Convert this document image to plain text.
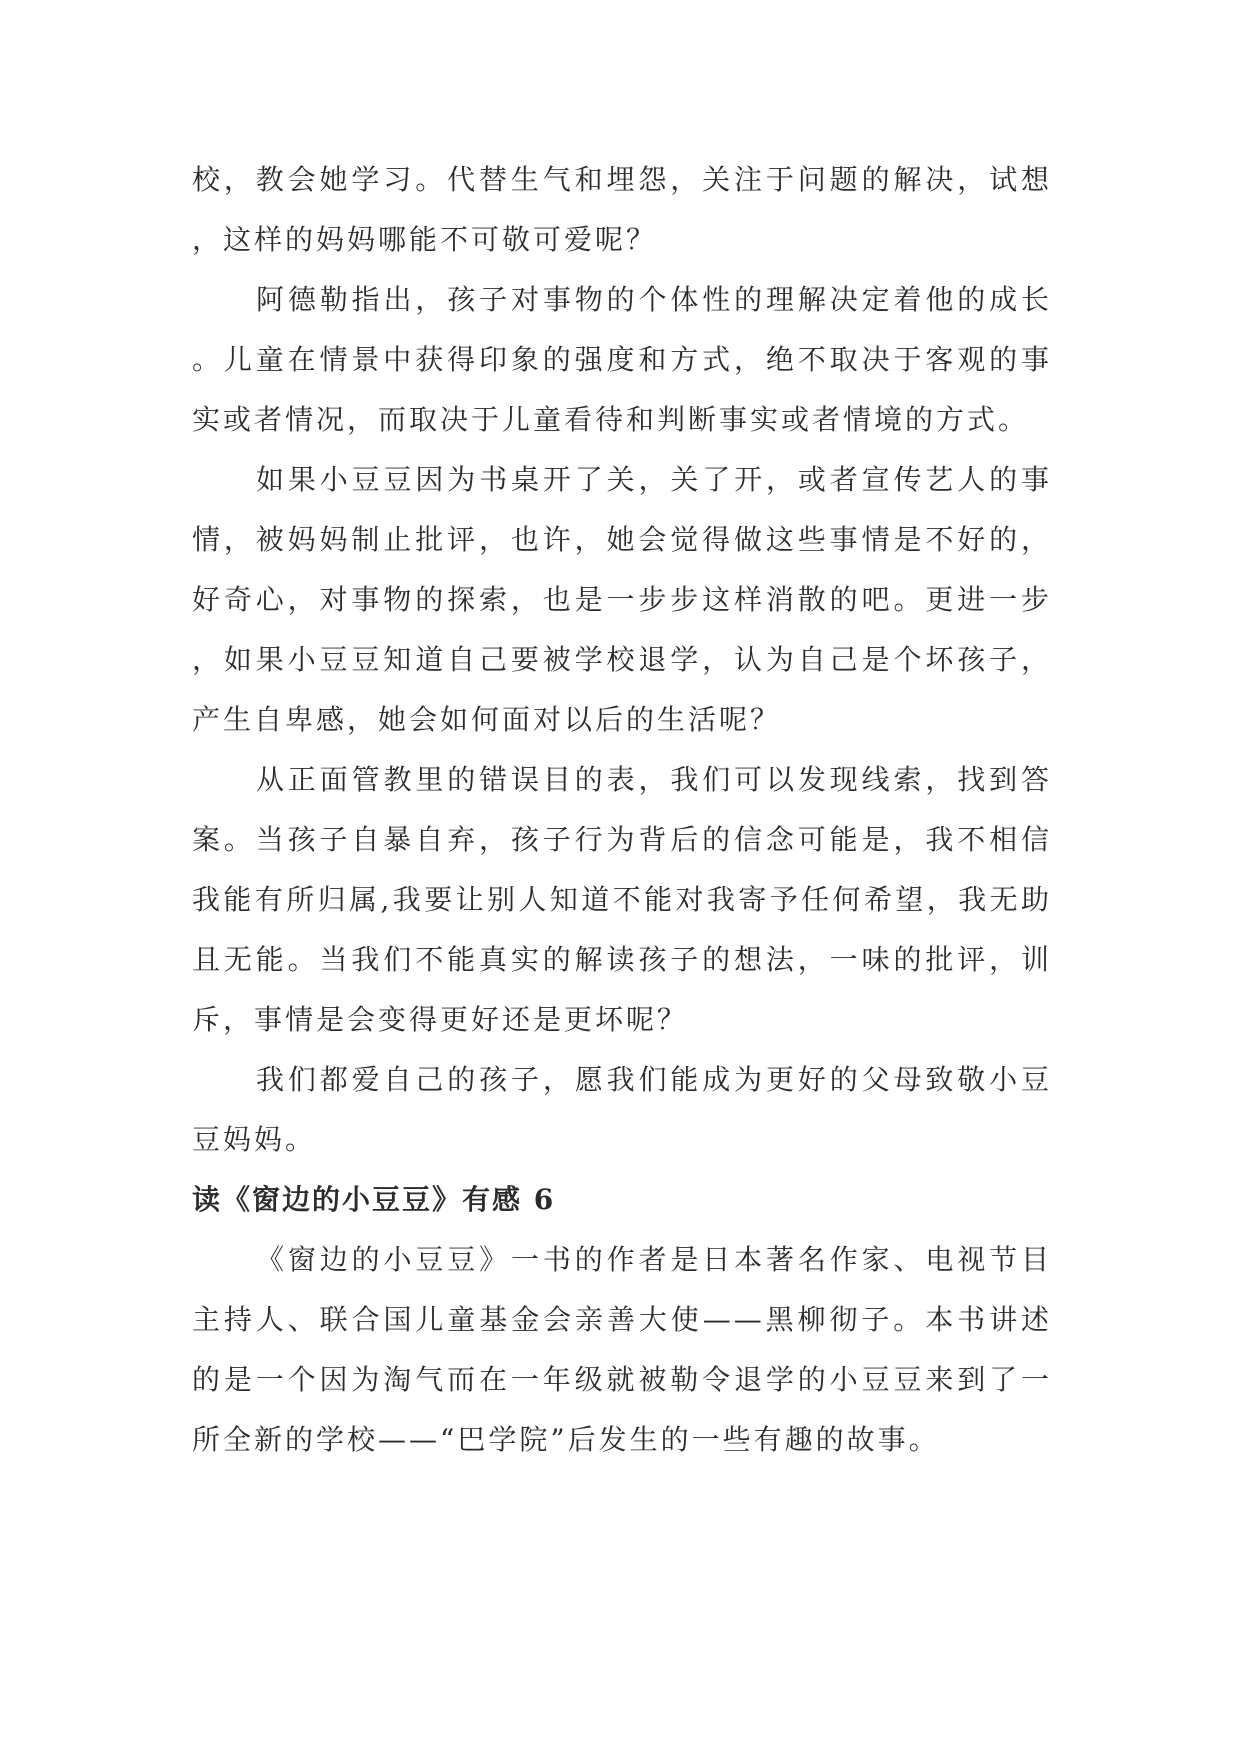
校，教会她学习。代替生气和埋怨，关注于问题的解决，试想，这样的妈妈哪能不可敬可爱呢？

阿德勒指出，孩子对事物的个体性的理解决定着他的成长。儿童在情景中获得印象的强度和方式，绝不取决于客观的事实或者情况，而取决于儿童看待和判断事实或者情境的方式。

如果小豆豆因为书桌开了关，关了开，或者宣传艺人的事情，被妈妈制止批评，也许，她会觉得做这些事情是不好的，好奇心，对事物的探索，也是一步步这样消散的吧。更进一步，如果小豆豆知道自己要被学校退学，认为自己是个坏孩子，产生自卑感，她会如何面对以后的生活呢？

从正面管教里的错误目的表，我们可以发现线索，找到答案。当孩子自暴自弃，孩子行为背后的信念可能是，我不相信我能有所归属,我要让别人知道不能对我寄予任何希望，我无助且无能。当我们不能真实的解读孩子的想法，一味的批评，训斥，事情是会变得更好还是更坏呢？

我们都爱自己的孩子，愿我们能成为更好的父母致敬小豆豆妈妈。

读《窗边的小豆豆》有感 6

《窗边的小豆豆》一书的作者是日本著名作家、电视节目主持人、联合国儿童基金会亲善大使——黑柳彻子。本书讲述的是一个因为淘气而在一年级就被勒令退学的小豆豆来到了一所全新的学校——“巴学院”后发生的一些有趣的故事。
